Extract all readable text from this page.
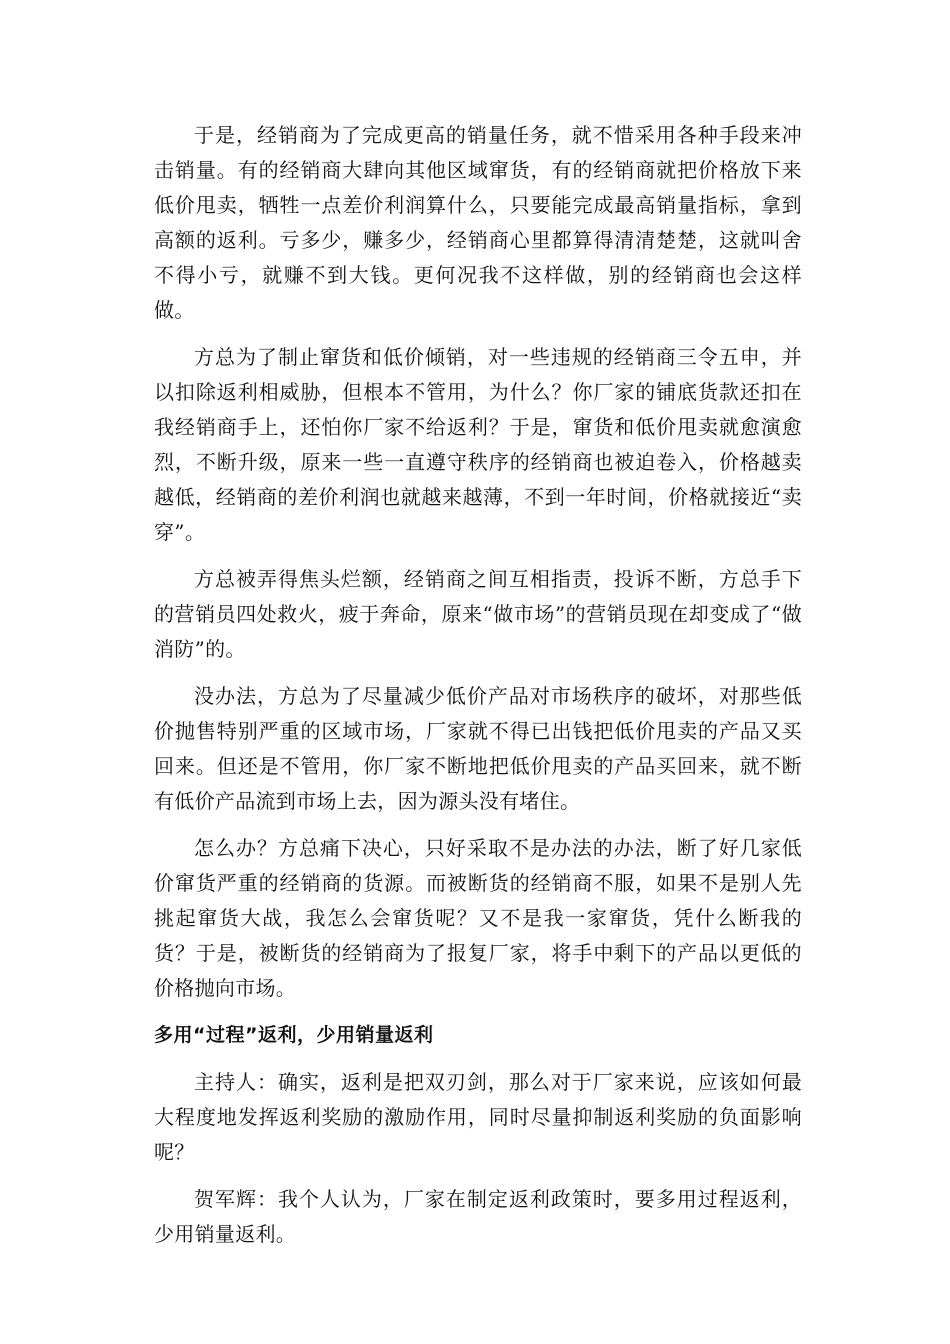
于是，经销商为了完成更高的销量任务，就不惜采用各种手段来冲击销量。有的经销商大肆向其他区域窜货，有的经销商就把价格放下来低价甩卖，牺牲一点差价利润算什么，只要能完成最高销量指标，拿到高额的返利。亏多少，赚多少，经销商心里都算得清清楚楚，这就叫舍不得小亏，就赚不到大钱。更何况我不这样做，别的经销商也会这样做。

方总为了制止窜货和低价倾销，对一些违规的经销商三令五申，并以扣除返利相威胁，但根本不管用，为什么？你厂家的铺底货款还扣在我经销商手上，还怕你厂家不给返利？于是，窜货和低价甩卖就愈演愈烈，不断升级，原来一些一直遵守秩序的经销商也被迫卷入，价格越卖越低，经销商的差价利润也就越来越薄，不到一年时间，价格就接近“卖穿”。

方总被弄得焦头烂额，经销商之间互相指责，投诉不断，方总手下的营销员四处救火，疲于奔命，原来“做市场”的营销员现在却变成了“做消防”的。

没办法，方总为了尽量减少低价产品对市场秩序的破坏，对那些低价抛售特别严重的区域市场，厂家就不得已出钱把低价甩卖的产品又买回来。但还是不管用，你厂家不断地把低价甩卖的产品买回来，就不断有低价产品流到市场上去，因为源头没有堵住。

怎么办？方总痛下决心，只好采取不是办法的办法，断了好几家低价窜货严重的经销商的货源。而被断货的经销商不服，如果不是别人先挑起窜货大战，我怎么会窜货呢？又不是我一家窜货，凭什么断我的货？于是，被断货的经销商为了报复厂家，将手中剩下的产品以更低的价格抛向市场。

多用“过程”返利，少用销量返利

主持人：确实，返利是把双刃剑，那么对于厂家来说，应该如何最大程度地发挥返利奖励的激励作用，同时尽量抑制返利奖励的负面影响呢？

贺军辉：我个人认为，厂家在制定返利政策时，要多用过程返利，少用销量返利。
